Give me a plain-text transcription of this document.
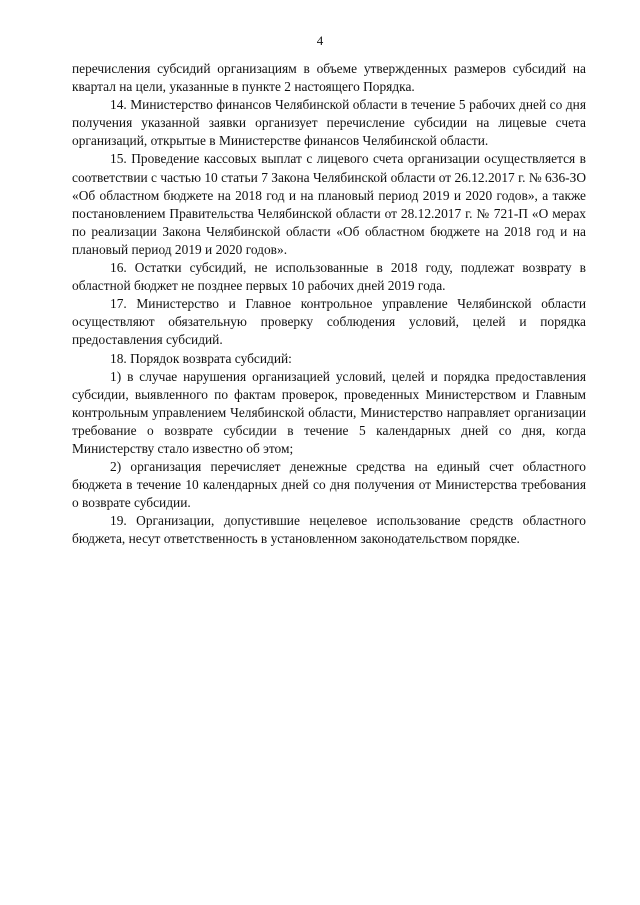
4

перечисления субсидий организациям в объеме утвержденных размеров субсидий на квартал на цели, указанные в пункте 2 настоящего Порядка.

14. Министерство финансов Челябинской области в течение 5 рабочих дней со дня получения указанной заявки организует перечисление субсидии на лицевые счета организаций, открытые в Министерстве финансов Челябинской области.

15. Проведение кассовых выплат с лицевого счета организации осуществляется в соответствии с частью 10 статьи 7 Закона Челябинской области от 26.12.2017 г. № 636-ЗО «Об областном бюджете на 2018 год и на плановый период 2019 и 2020 годов», а также постановлением Правительства Челябинской области от 28.12.2017 г. № 721-П «О мерах по реализации Закона Челябинской области «Об областном бюджете на 2018 год и на плановый период 2019 и 2020 годов».

16. Остатки субсидий, не использованные в 2018 году, подлежат возврату в областной бюджет не позднее первых 10 рабочих дней 2019 года.

17. Министерство и Главное контрольное управление Челябинской области осуществляют обязательную проверку соблюдения условий, целей и порядка предоставления субсидий.

18. Порядок возврата субсидий:

1) в случае нарушения организацией условий, целей и порядка предоставления субсидии, выявленного по фактам проверок, проведенных Министерством и Главным контрольным управлением Челябинской области, Министерство направляет организации требование о возврате субсидии в течение 5 календарных дней со дня, когда Министерству стало известно об этом;

2) организация перечисляет денежные средства на единый счет областного бюджета в течение 10 календарных дней со дня получения от Министерства требования о возврате субсидии.

19. Организации, допустившие нецелевое использование средств областного бюджета, несут ответственность в установленном законодательством порядке.
